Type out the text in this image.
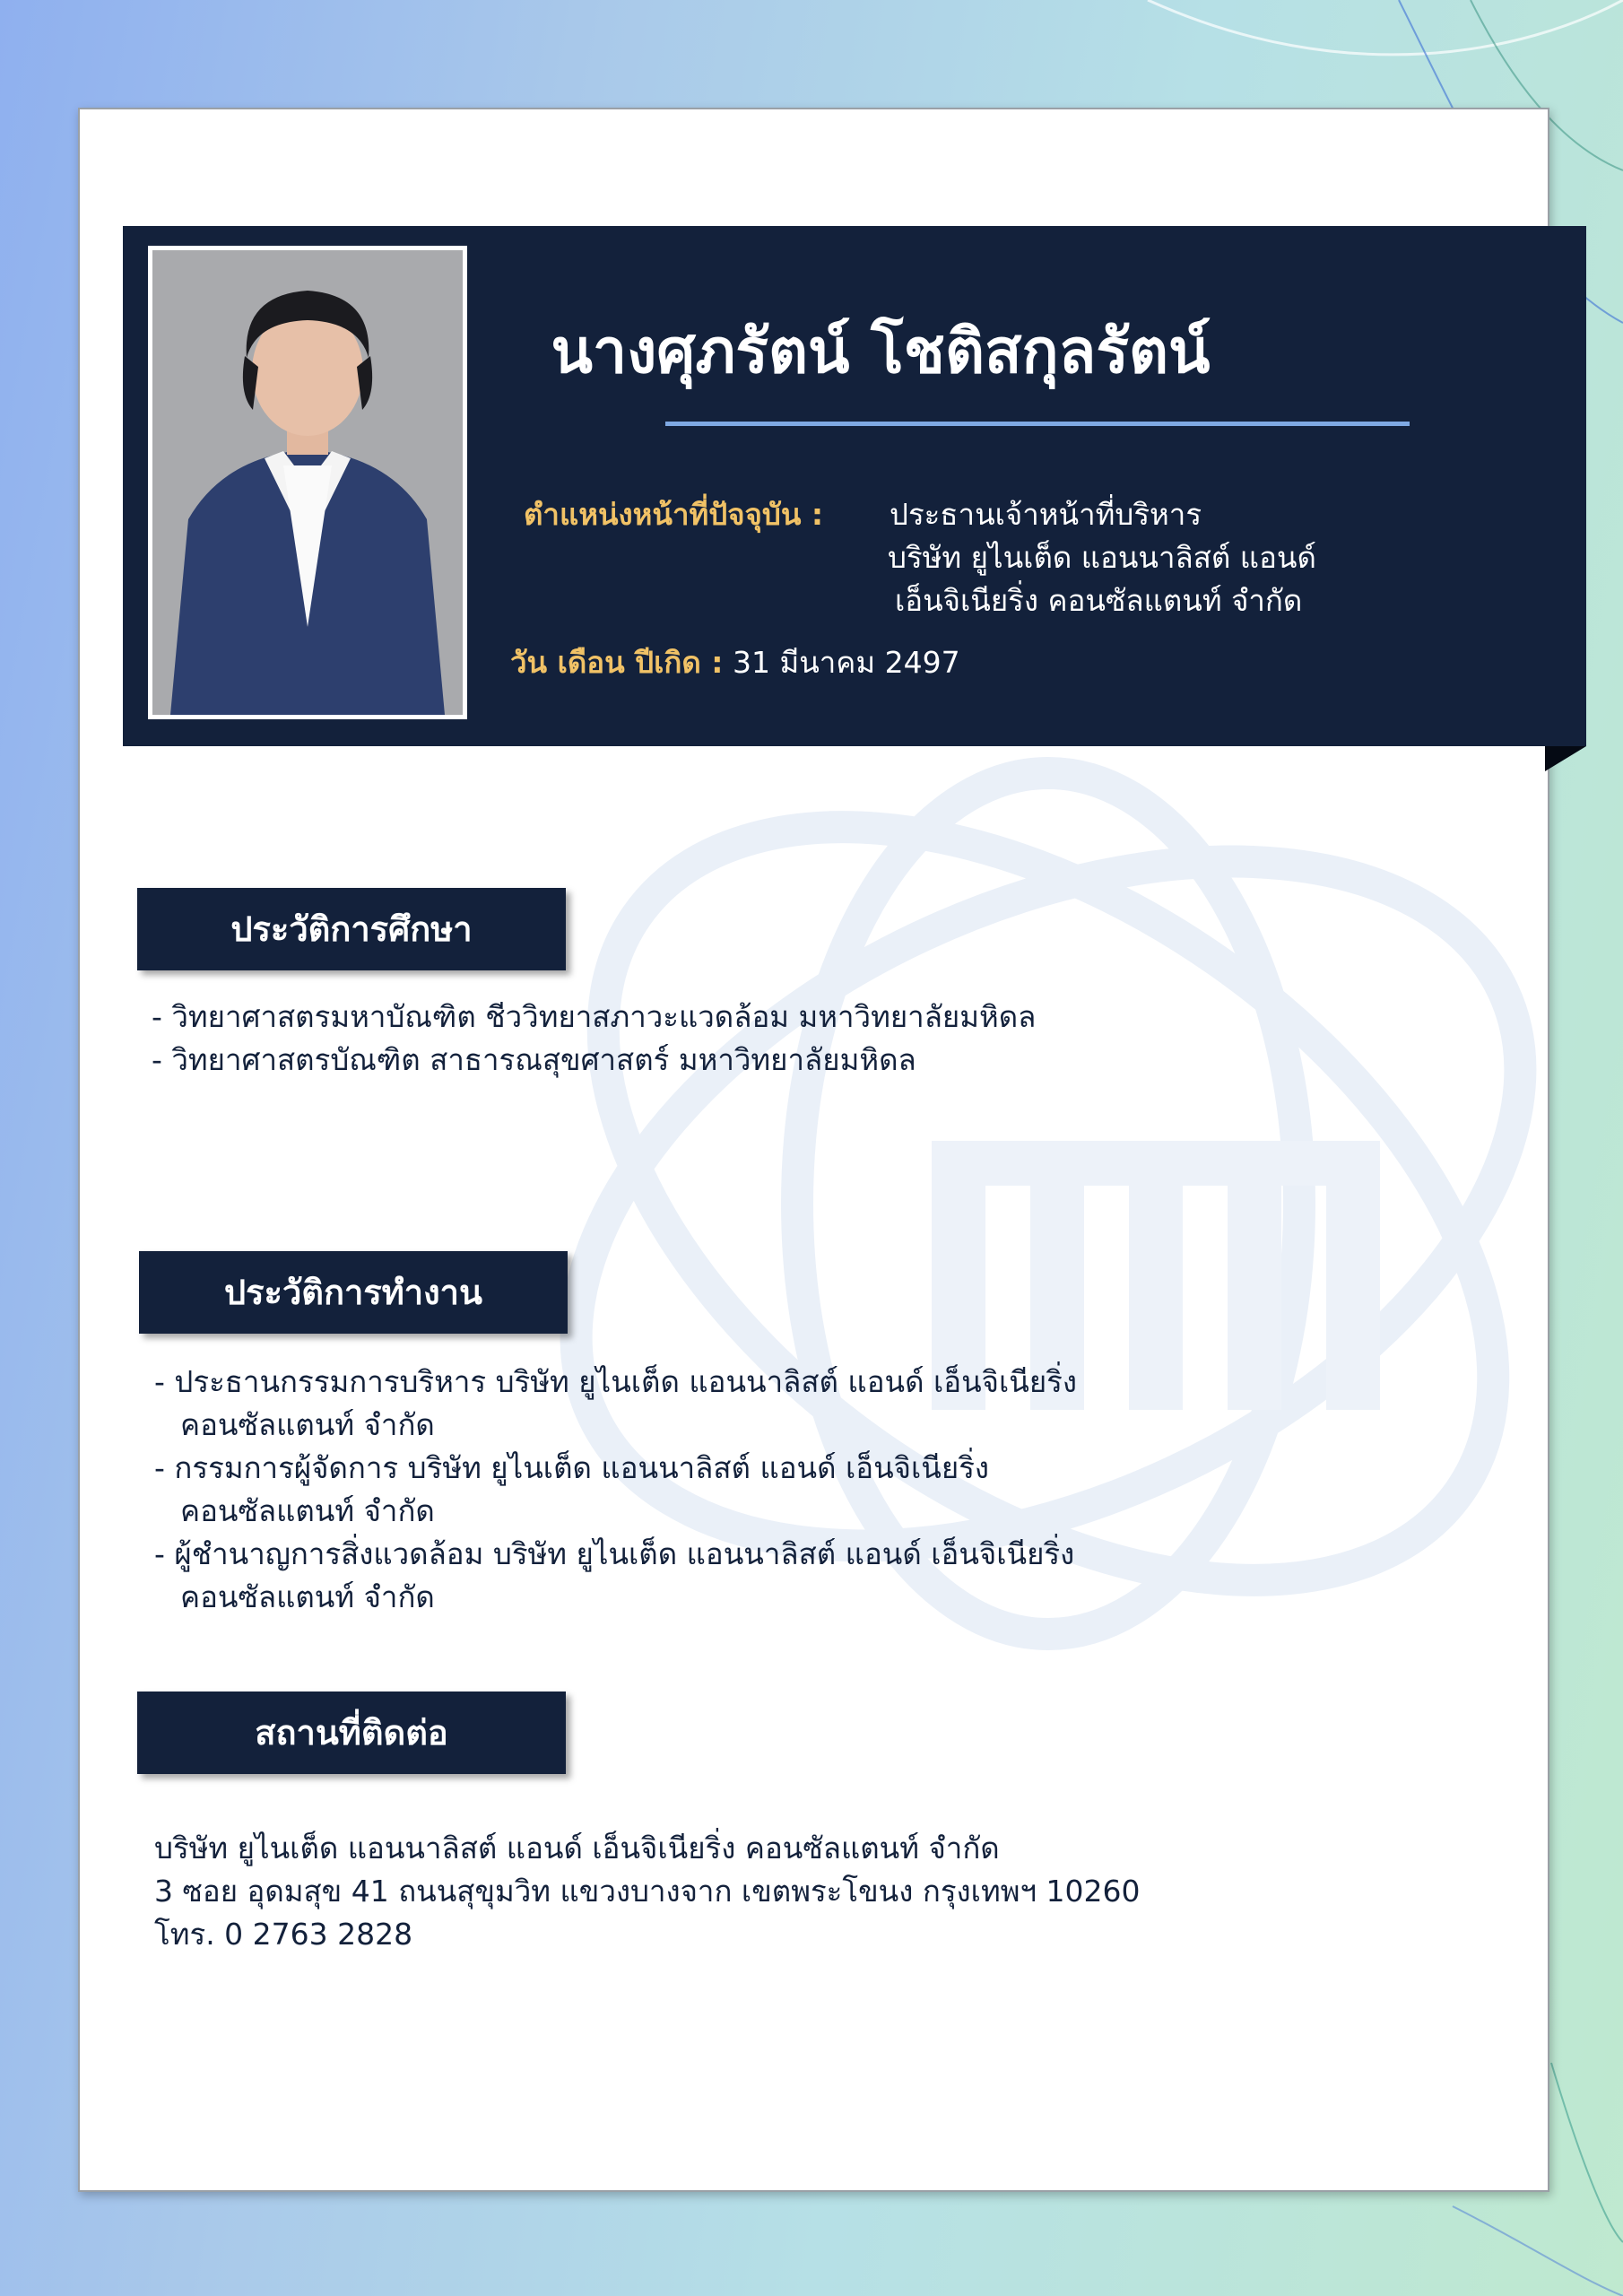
นางศุภรัตน์ โชติสกุลรัตน์
ตำแหน่งหน้าที่ปัจจุบัน : ประธานเจ้าหน้าที่บริหาร
บริษัท ยูไนเต็ด แอนนาลิสต์ แอนด์
เอ็นจิเนียริ่ง คอนซัลแตนท์ จำกัด
วัน เดือน ปีเกิด : 31 มีนาคม 2497
ประวัติการศึกษา
- วิทยาศาสตรมหาบัณฑิต ชีววิทยาสภาวะแวดล้อม มหาวิทยาลัยมหิดล
- วิทยาศาสตรบัณฑิต สาธารณสุขศาสตร์ มหาวิทยาลัยมหิดล
ประวัติการทำงาน
- ประธานกรรมการบริหาร บริษัท ยูไนเต็ด แอนนาลิสต์ แอนด์ เอ็นจิเนียริ่ง
คอนซัลแตนท์ จำกัด
- กรรมการผู้จัดการ บริษัท ยูไนเต็ด แอนนาลิสต์ แอนด์ เอ็นจิเนียริ่ง
คอนซัลแตนท์ จำกัด
- ผู้ชำนาญการสิ่งแวดล้อม บริษัท ยูไนเต็ด แอนนาลิสต์ แอนด์ เอ็นจิเนียริ่ง
คอนซัลแตนท์ จำกัด
สถานที่ติดต่อ
บริษัท ยูไนเต็ด แอนนาลิสต์ แอนด์ เอ็นจิเนียริ่ง คอนซัลแตนท์ จำกัด
3 ซอย อุดมสุข 41 ถนนสุขุมวิท แขวงบางจาก เขตพระโขนง กรุงเทพฯ 10260
โทร. 0 2763 2828
